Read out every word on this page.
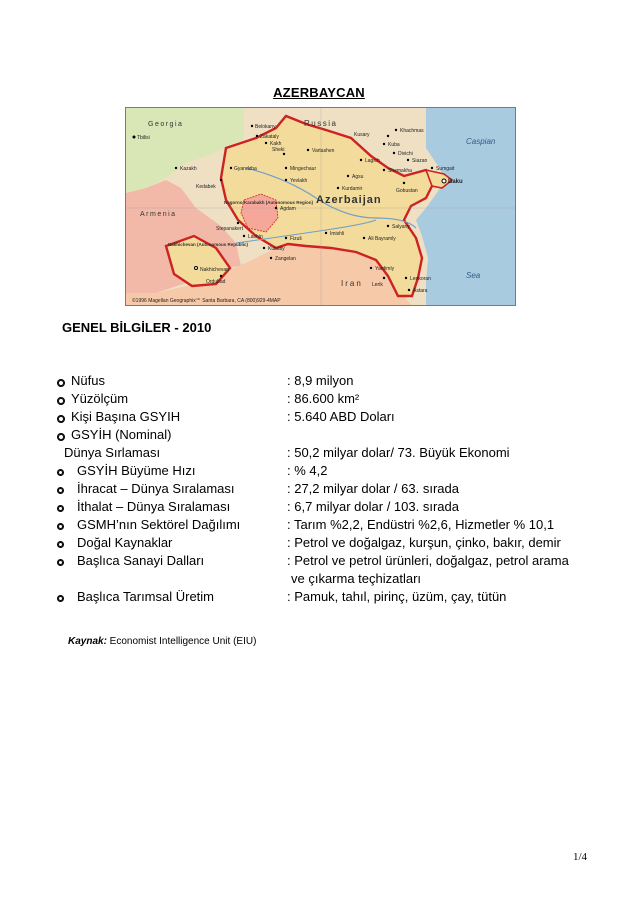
AZERBAYCAN
Georgia	Russia
Azerbaijan
Armenia
Iran
Caspian
Sea
Tbilisi
Baku
Stepanakert
Nakhichevan
Gyandzha
Sheki
Zakataly
Belokany
Kuba
Khachmas
Sumgait
Shemakha
Lenkoran
Astara
Yevlakh
Mingechaur
Kedabek
Kazakh
Agdam
Imishli
Salyany
Ali Bayramly
Fizuli
Lerik
Yardimly
Agsu
Kurdamir
Lagich
Gobustan
Lachin
Ordubad
Kubatly
Zangelan
Divichi
Siazan
Kakh
Vartashen
Kusary
Nakhichevan (Autonomous Republic)
Nagorno-Karabakh (Autonomous Region)
©1996 Magellan Geographix℠ Santa Barbara, CA (800)929-4MAP
GENEL BİLGİLER - 2010
Nüfus	: 8,9 milyon
Yüzölçüm	: 86.600 km²
Kişi Başına GSYIH	: 5.640 ABD Doları
GSYİH (Nominal)
Dünya Sırlaması	: 50,2 milyar dolar/ 73. Büyük Ekonomi
GSYİH Büyüme Hızı	: % 4,2
İhracat – Dünya Sıralaması	: 27,2 milyar dolar / 63. sırada
İthalat – Dünya Sıralaması	: 6,7 milyar dolar / 103. sırada
GSMH’nın Sektörel Dağılımı	: Tarım %2,2, Endüstri %2,6, Hizmetler % 10,1
Doğal Kaynaklar	: Petrol ve doğalgaz, kurşun, çinko, bakır, demir
Başlıca Sanayi Dalları	: Petrol ve petrol ürünleri, doğalgaz, petrol arama
ve çıkarma teçhizatları
Başlıca Tarımsal Üretim	: Pamuk, tahıl, pirinç, üzüm, çay, tütün
Kaynak: Economist Intelligence Unit (EIU)
1/4
